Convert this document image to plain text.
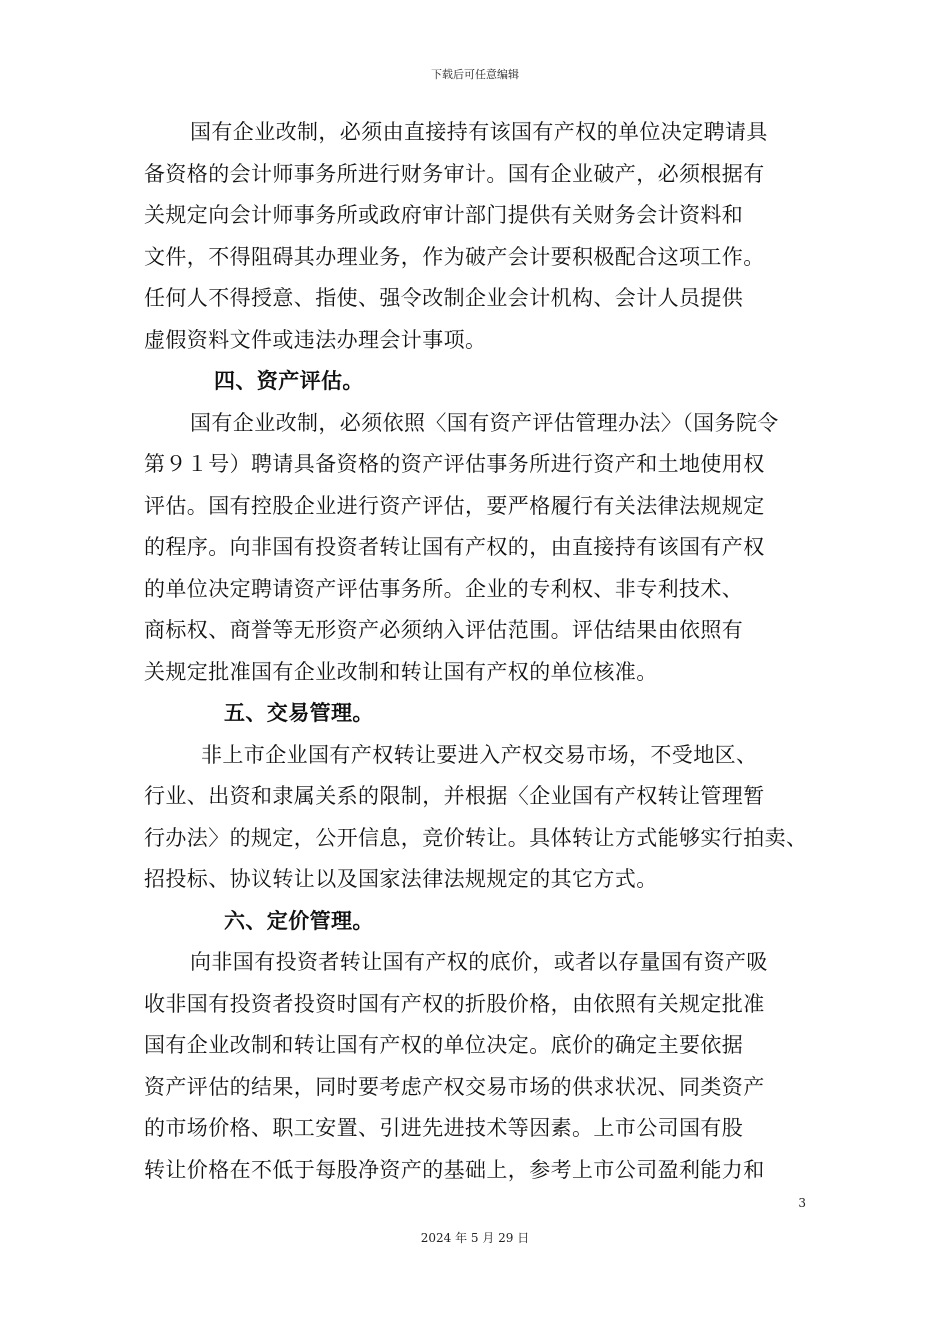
下载后可任意编辑
国有企业改制，必须由直接持有该国有产权的单位决定聘请具
备资格的会计师事务所进行财务审计。国有企业破产，必须根据有
关规定向会计师事务所或政府审计部门提供有关财务会计资料和
文件，不得阻碍其办理业务，作为破产会计要积极配合这项工作。
任何人不得授意、指使、强令改制企业会计机构、会计人员提供
虚假资料文件或违法办理会计事项。
四、资产评估。
国有企业改制，必须依照〈国有资产评估管理办法〉（国务院令
第９１号）聘请具备资格的资产评估事务所进行资产和土地使用权
评估。国有控股企业进行资产评估，要严格履行有关法律法规规定
的程序。向非国有投资者转让国有产权的，由直接持有该国有产权
的单位决定聘请资产评估事务所。企业的专利权、非专利技术、
商标权、商誉等无形资产必须纳入评估范围。评估结果由依照有
关规定批准国有企业改制和转让国有产权的单位核准。
五、交易管理。
非上市企业国有产权转让要进入产权交易市场，不受地区、
行业、出资和隶属关系的限制，并根据〈企业国有产权转让管理暂
行办法〉的规定，公开信息，竞价转让。具体转让方式能够实行拍卖、
招投标、协议转让以及国家法律法规规定的其它方式。
六、定价管理。
向非国有投资者转让国有产权的底价，或者以存量国有资产吸
收非国有投资者投资时国有产权的折股价格，由依照有关规定批准
国有企业改制和转让国有产权的单位决定。底价的确定主要依据
资产评估的结果，同时要考虑产权交易市场的供求状况、同类资产
的市场价格、职工安置、引进先进技术等因素。上市公司国有股
转让价格在不低于每股净资产的基础上，参考上市公司盈利能力和
3
2024 年 5 月 29 日
